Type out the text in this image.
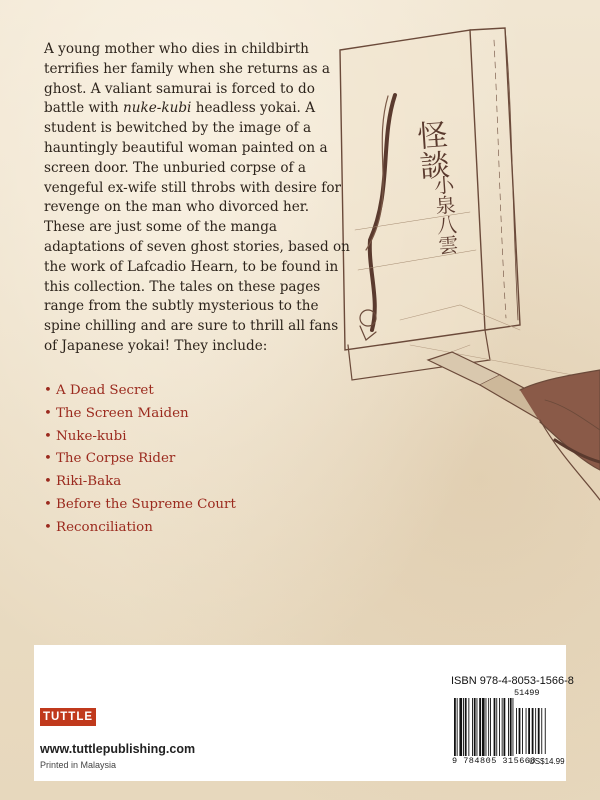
怪談
小泉八雲
A young mother who dies in childbirth terrifies her family when she returns as a ghost. A valiant samurai is forced to do battle with nuke-kubi headless yokai. A student is bewitched by the image of a hauntingly beautiful woman painted on a screen door. The unburied corpse of a vengeful ex-wife still throbs with desire for revenge on the man who divorced her. These are just some of the manga adaptations of seven ghost stories, based on the work of Lafcadio Hearn, to be found in this collection. The tales on these pages range from the subtly mysterious to the spine chilling and are sure to thrill all fans of Japanese yokai! They include:
• A Dead Secret
• The Screen Maiden
• Nuke-kubi
• The Corpse Rider
• Riki-Baka
• Before the Supreme Court
• Reconciliation
TUTTLE
www.tuttlepublishing.com
Printed in Malaysia
ISBN 978-4-8053-1566-8
51499
9 784805 315668
US$14.99
